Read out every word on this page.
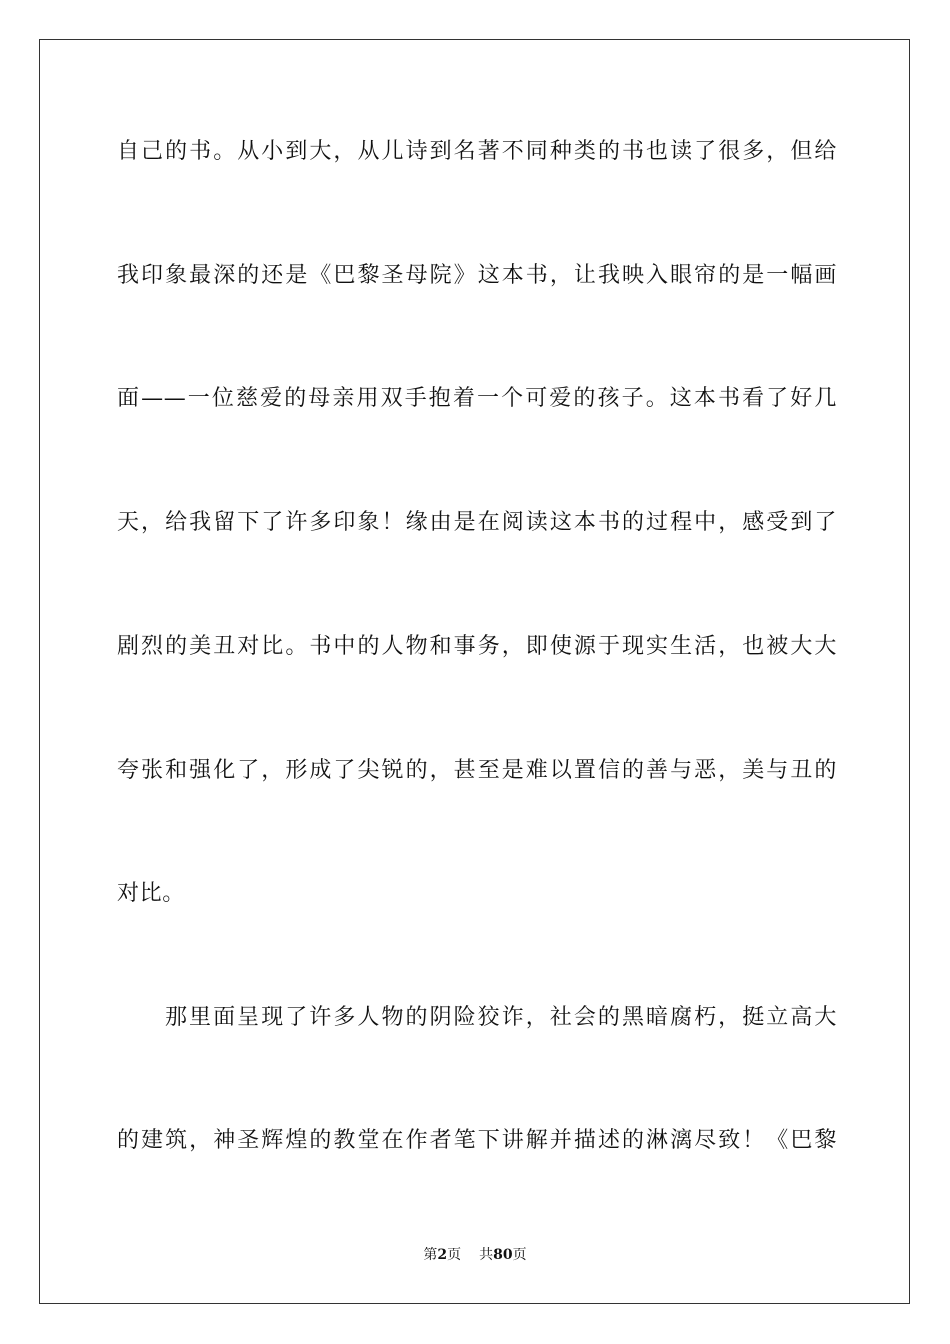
自己的书。从小到大，从儿诗到名著不同种类的书也读了很多，但给
我印象最深的还是《巴黎圣母院》这本书，让我映入眼帘的是一幅画
面——一位慈爱的母亲用双手抱着一个可爱的孩子。这本书看了好几
天，给我留下了许多印象！缘由是在阅读这本书的过程中，感受到了
剧烈的美丑对比。书中的人物和事务，即使源于现实生活，也被大大
夸张和强化了，形成了尖锐的，甚至是难以置信的善与恶，美与丑的
对比。
那里面呈现了许多人物的阴险狡诈，社会的黑暗腐朽，挺立高大
的建筑，神圣辉煌的教堂在作者笔下讲解并描述的淋漓尽致！《巴黎
第2页 共80页
